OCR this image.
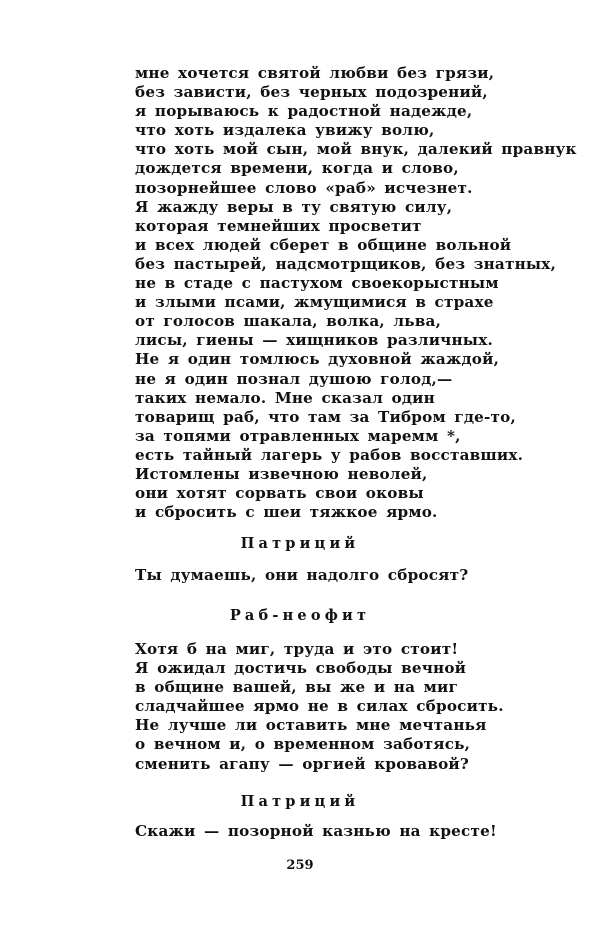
мне хочется святой любви без грязи,
без зависти, без черных подозрений,
я порываюсь к радостной надежде,
что хоть издалека увижу волю,
что хоть мой сын, мой внук, далекий правнук
дождется времени, когда и слово,
позорнейшее слово «раб» исчезнет.
Я жажду веры в ту святую силу,
которая темнейших просветит
и всех людей сберет в общине вольной
без пастырей, надсмотрщиков, без знатных,
не в стаде с пастухом своекорыстным
и злыми псами, жмущимися в страхе
от голосов шакала, волка, льва,
лисы, гиены — хищников различных.
Не я один томлюсь духовной жаждой,
не я один познал душою голод,—
таких немало. Мне сказал один
товарищ раб, что там за Тибром где-то,
за топями отравленных маремм *,
есть тайный лагерь у рабов восставших.
Истомлены извечною неволей,
они хотят сорвать свои оковы
и сбросить с шеи тяжкое ярмо.
Патриций
Ты думаешь, они надолго сбросят?
Раб-неофит
Хотя б на миг, труда и это стоит!
Я ожидал достичь свободы вечной
в общине вашей, вы же и на миг
сладчайшее ярмо не в силах сбросить.
Не лучше ли оставить мне мечтанья
о вечном и, о временном заботясь,
сменить агапу — оргией кровавой?
Патриций
Скажи — позорной казнью на кресте!
259
